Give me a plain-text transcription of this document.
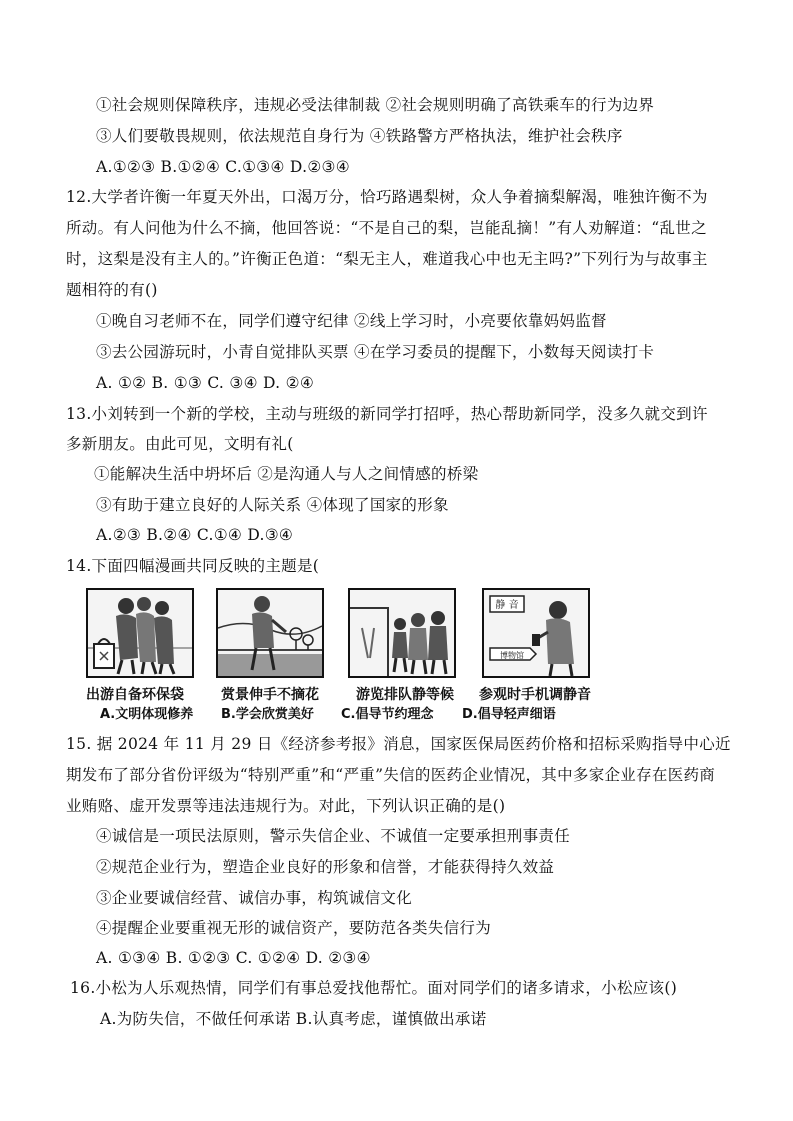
①社会规则保障秩序，违规必受法律制裁 ②社会规则明确了高铁乘车的行为边界
③人们要敬畏规则，依法规范自身行为 ④铁路警方严格执法，维护社会秩序
A.①②③ B.①②④ C.①③④ D.②③④
12.大学者许衡一年夏天外出，口渴万分，恰巧路遇梨树，众人争着摘梨解渴，唯独许衡不为
所动。有人问他为什么不摘，他回答说：“不是自己的梨，岂能乱摘！”有人劝解道：“乱世之
时，这梨是没有主人的。”许衡正色道：“梨无主人，难道我心中也无主吗?”下列行为与故事主
题相符的有()
①晚自习老师不在，同学们遵守纪律 ②线上学习时，小亮要依靠妈妈监督
③去公园游玩时，小青自觉排队买票 ④在学习委员的提醒下，小数每天阅读打卡
A. ①② B. ①③ C. ③④ D. ②④
13.小刘转到一个新的学校，主动与班级的新同学打招呼，热心帮助新同学，没多久就交到许
多新朋友。由此可见，文明有礼(
①能解决生活中坍坏后 ②是沟通人与人之间情感的桥梁
③有助于建立良好的人际关系 ④体现了国家的形象
A.②③ B.②④ C.①④ D.③④
14.下面四幅漫画共同反映的主题是(
出游自备环保袋
A.文明体现修养
赏景伸手不摘花
B.学会欣赏美好
游览排队静等候
C.倡导节约理念
静 音
博物馆
参观时手机调静音
D.倡导轻声细语
15. 据 2024 年 11 月 29 日《经济参考报》消息，国家医保局医药价格和招标采购指导中心近
期发布了部分省份评级为“特别严重”和“严重”失信的医药企业情况，其中多家企业存在医药商
业贿赂、虚开发票等违法违规行为。对此，下列认识正确的是()
④诚信是一项民法原则，警示失信企业、不诚值一定要承担刑事责任
②规范企业行为，塑造企业良好的形象和信誉，才能获得持久效益
③企业要诚信经营、诚信办事，构筑诚信文化
④提醒企业要重视无形的诚信资产，要防范各类失信行为
A. ①③④ B. ①②③ C. ①②④ D. ②③④
16.小松为人乐观热情，同学们有事总爱找他帮忙。面对同学们的诸多请求，小松应该()
A.为防失信，不做任何承诺 B.认真考虑，谨慎做出承诺
